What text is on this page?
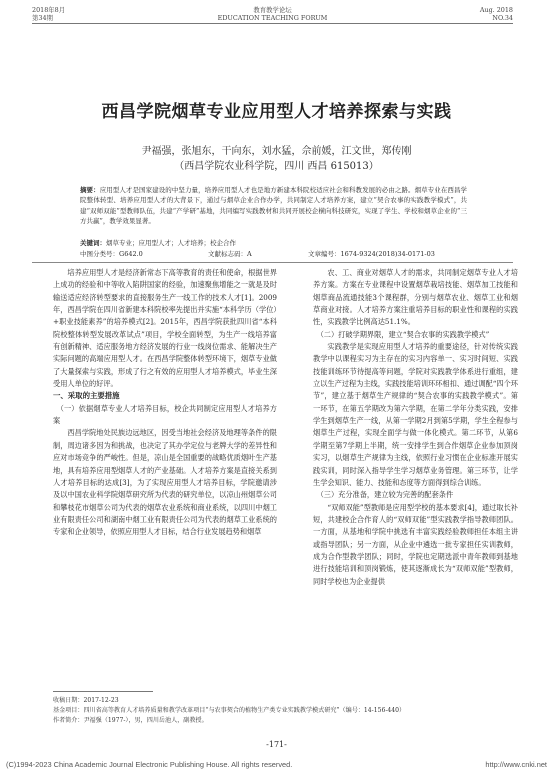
2018年8月
第34期
教育教学论坛
EDUCATION TEACHING FORUM
Aug. 2018
NO.34
西昌学院烟草专业应用型人才培养探索与实践
尹福强，张旭东，干向东，刘水猛，佘前媛，江文世，郑传刚
（西昌学院农业科学院，四川 西昌 615013）
摘要：应用型人才是国家建设的中坚力量，培养应用型人才也是地方新建本科院校适应社会和科教发展的必由之路。烟草专业在西昌学院整体转型、培养应用型人才的大背景下，通过与烟草企业合作办学，共同制定人才培养方案，建立“契合农事的实践教学模式”，共建“双师双能”型教师队伍，共建“产学研”基地，共同编写实践教材和共同开展校企横向科技研究，实现了学生、学校和烟草企业的“三方共赢”，教学效果显著。
关键词：烟草专业；应用型人才；人才培养；校企合作
中图分类号：G642.0	文献标志码：A	文章编号：1674-9324(2018)34-0171-03

培养应用型人才是经济新常态下高等教育的责任和使命，根据世界上成功的经验和中等收入陷阱国家的经验，加速聚焦增能之一就是及时输送适应经济转型要求的直接服务生产一线工作的技术人才[1]。2009年，西昌学院在四川省新建本科院校率先提出并实施“本科学历（学位）+职业技能素养”的培养模式[2]。2015年，西昌学院获批四川省“本科院校整体转型发展改革试点”项目，学校全面转型，为生产一线培养富有创新精神、适应服务地方经济发展的行业一线岗位需求、能解决生产实际问题的高端应用型人才。在西昌学院整体转型环境下，烟草专业做了大量探索与实践，形成了行之有效的应用型人才培养模式，毕业生深受用人单位的好评。

一、采取的主要措施
（一）依据烟草专业人才培养目标，校企共同制定应用型人才培养方案

西昌学院地处民族边远地区，因受当地社会经济及地理等条件的限制，周边诸多因为和挑战，也决定了其办学定位与老牌大学的差异性和应对市场竞争的严峻性。但是，凉山是全国重要的战略优质烟叶生产基地，具有培养应用型烟草人才的产业基础。人才培养方案是直接关系到人才培养目标的达成[3]，为了实现应用型人才培养目标，学院邀请涉及以中国农业科学院烟草研究所为代表的研究单位，以凉山州烟草公司和攀枝花市烟草公司为代表的烟草农业系统和商业系统，以四川中烟工业有限责任公司和湖南中烟工业有限责任公司为代表的烟草工业系统的专家和企业领导，依照应用型人才目标，结合行业发展趋势和烟草

农、工、商业对烟草人才的需求，共同制定烟草专业人才培养方案。方案在专业课程中设置烟草栽培技能、烟草加工技能和烟草商品流通技能3个课程群，分别与烟草农业、烟草工业和烟草商业对接。人才培养方案注重培养目标的职业性和课程的实践性，实践教学比例高达51.1%。

（二）打破学期界限，建立“契合农事的实践教学模式”

实践教学是实现应用型人才培养的重要途径，针对传统实践教学中以课程实习为主存在的实习内容单一、实习时间短、实践技能训练环节待提高等问题，学院对实践教学体系进行重组，建立以生产过程为主线，实践技能培训环环相扣、通过调配“四个环节”，建立基于烟草生产规律的“契合农事的实践教学模式”。第一环节，在第五学期改为第六学期，在第二学年分类实践，安排学生到烟草生产一线，从第一学期2月到第5学期，学生全程参与烟草生产过程，实现全面学与做一体化模式。第二环节，从第6学期至第7学期上半期，统一安排学生到合作烟草企业参加顶岗实习，以烟草生产规律为主线，依照行业习惯在企业标准开展实践实训，同时深入指导学生学习烟草业务管理。第三环节，让学生学会知识、能力、技能和态度等方面得到综合训练。

（三）充分准备，建立较为完善的配套条件

“双师双能”型教师是应用型学校的基本要求[4]，通过取长补短，共建校企合作育人的“双师双能”型实践教学指导教师团队。一方面，从基地和学院中挑选有丰富实践经验教师担任本组主讲或指导团队；另一方面，从企业中遴选一批专家担任实训教师，成为合作型教学团队；同时，学院也定期选派中青年教师到基地进行技能培训和顶岗锻炼，使其逐渐成长为“双师双能”型教师，同时学校也为企业提供

收稿日期：2017-12-23
基金项目：四川省高等教育人才培养质量和教学改革项目“与农事契合的植物生产类专业实践教学模式研究”（编号：14-156-440）
作者简介：尹福强（1977-），男，四川岳池人，副教授。
-171-
(C)1994-2023 China Academic Journal Electronic Publishing House. All rights reserved.	http://www.cnki.net
